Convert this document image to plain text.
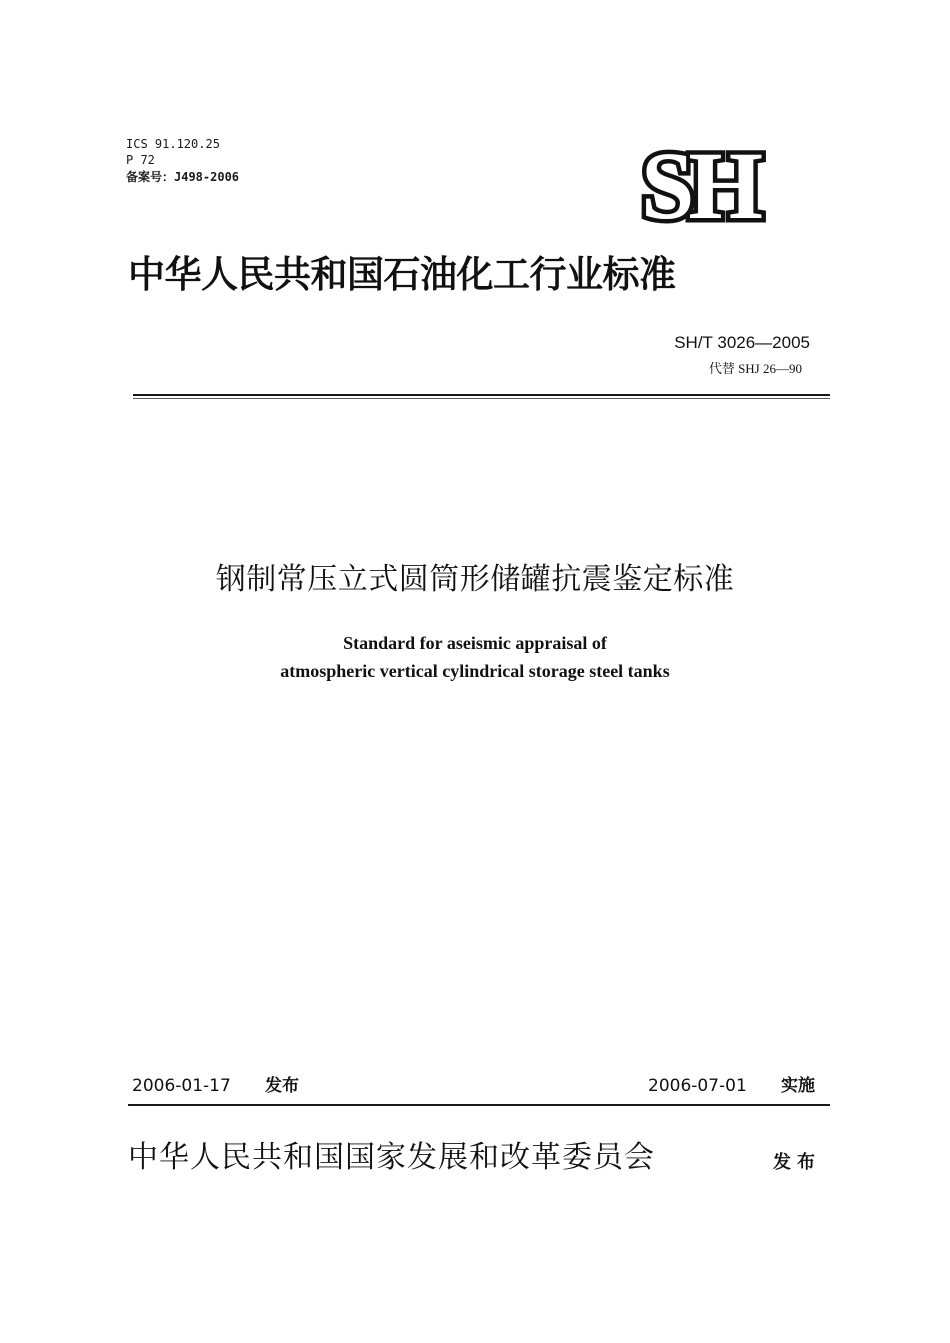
ICS 91.120.25
P 72
备案号：J498-2006	SH
中华人民共和国石油化工行业标准
SH/T 3026—2005
代替 SHJ 26—90
钢制常压立式圆筒形储罐抗震鉴定标准
Standard for aseismic appraisal of
atmospheric vertical cylindrical storage steel tanks
2006-01-17 发布	2006-07-01 实施
中华人民共和国国家发展和改革委员会	发布
